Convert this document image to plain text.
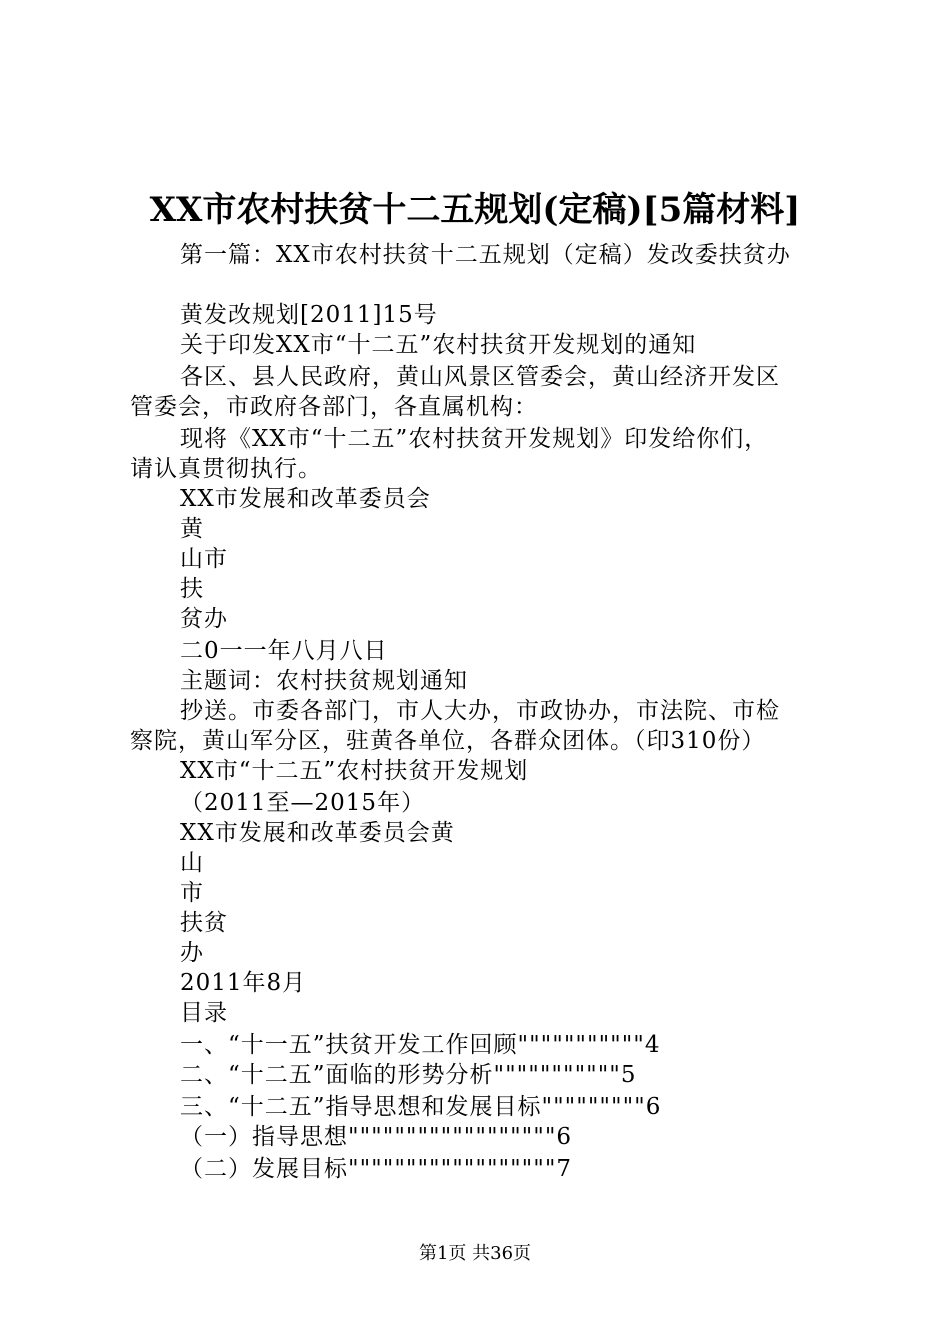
XX市农村扶贫十二五规划(定稿)[5篇材料]
第一篇：XX市农村扶贫十二五规划（定稿）发改委扶贫办
黄发改规划[2011]15号
关于印发XX市“十二五”农村扶贫开发规划的通知
各区、县人民政府，黄山风景区管委会，黄山经济开发区
管委会，市政府各部门，各直属机构：
现将《XX市“十二五”农村扶贫开发规划》印发给你们，
请认真贯彻执行。
XX市发展和改革委员会
黄
山市
扶
贫办
二0一一年八月八日
主题词：农村扶贫规划通知
抄送。市委各部门，市人大办，市政协办，市法院、市检
察院，黄山军分区，驻黄各单位，各群众团体。（印310份）
XX市“十二五”农村扶贫开发规划
（2011至—2015年）
XX市发展和改革委员会黄
山
市
扶贫
办
2011年8月
目录
一、“十一五”扶贫开发工作回顾"""""""""""4
二、“十二五”面临的形势分析"""""""""""5
三、“十二五”指导思想和发展目标"""""""""6
（一）指导思想""""""""""""""""""6
（二）发展目标""""""""""""""""""7
第1页 共36页
